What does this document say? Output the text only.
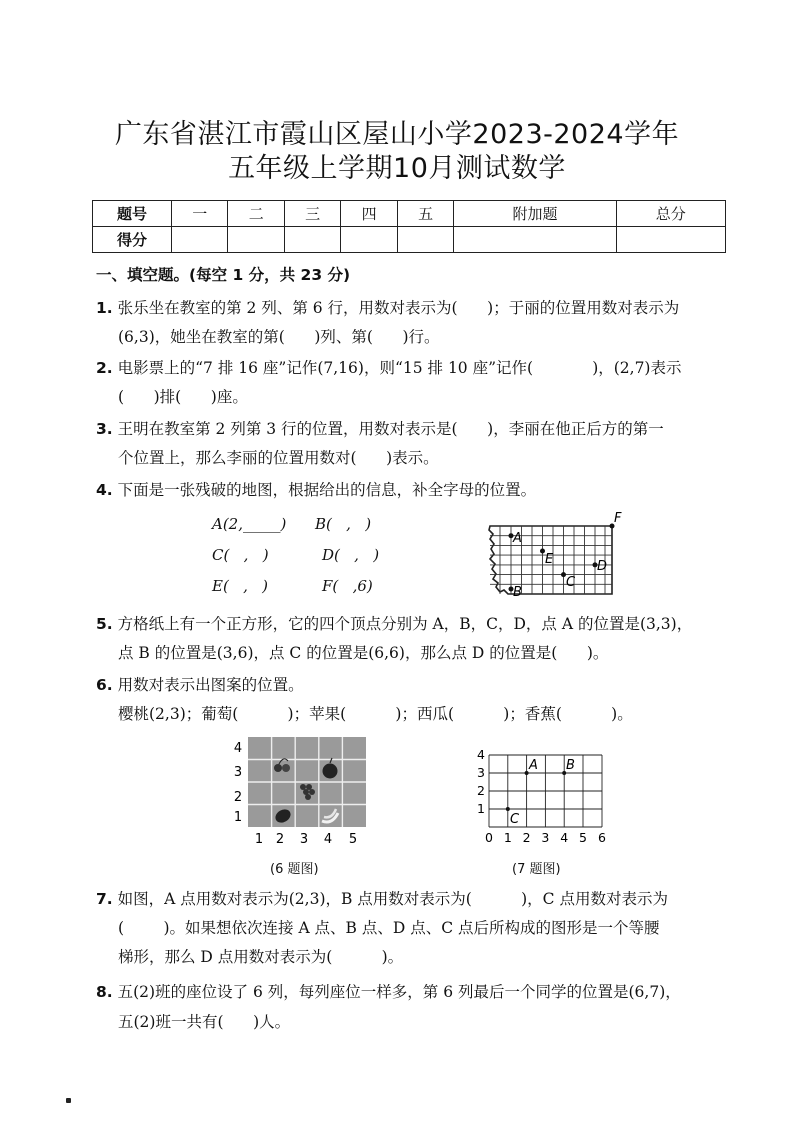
广东省湛江市霞山区屋山小学2023-2024学年
五年级上学期10月测试数学
题号	一	二	三	四	五	附加题	总分
得分							
一、填空题。(每空 1 分，共 23 分)
1. 张乐坐在教室的第 2 列、第 6 行，用数对表示为(      )；于丽的位置用数对表示为
(6,3)，她坐在教室的第(      )列、第(      )行。
2. 电影票上的“7 排 16 座”记作(7,16)，则“15 排 10 座”记作(            )，(2,7)表示
(      )排(      )座。
3. 王明在教室第 2 列第 3 行的位置，用数对表示是(      )，李丽在他正后方的第一
个位置上，那么李丽的位置用数对(      )表示。
4. 下面是一张残破的地图，根据给出的信息，补全字母的位置。
A(2,_____) B(   ,   )
C(   ,   )	D(   ,   )
E(   ,   )	F(   ,6)
A
B
C
D
E
F
5. 方格纸上有一个正方形，它的四个顶点分别为 A，B，C，D，点 A 的位置是(3,3)，
点 B 的位置是(3,6)，点 C 的位置是(6,6)，那么点 D 的位置是(      )。
6. 用数对表示出图案的位置。
樱桃(2,3)；葡萄(          )；苹果(          )；西瓜(          )；香蕉(          )。
4
3
2
1
1 2 3 4 5
(6 题图)
A B
C
4
3
2
1
0 1 2 3 4 5 6
(7 题图)
7. 如图，A 点用数对表示为(2,3)，B 点用数对表示为(          )，C 点用数对表示为
(        )。如果想依次连接 A 点、B 点、D 点、C 点后所构成的图形是一个等腰
梯形，那么 D 点用数对表示为(          )。
8. 五(2)班的座位设了 6 列，每列座位一样多，第 6 列最后一个同学的位置是(6,7)，
五(2)班一共有(      )人。
